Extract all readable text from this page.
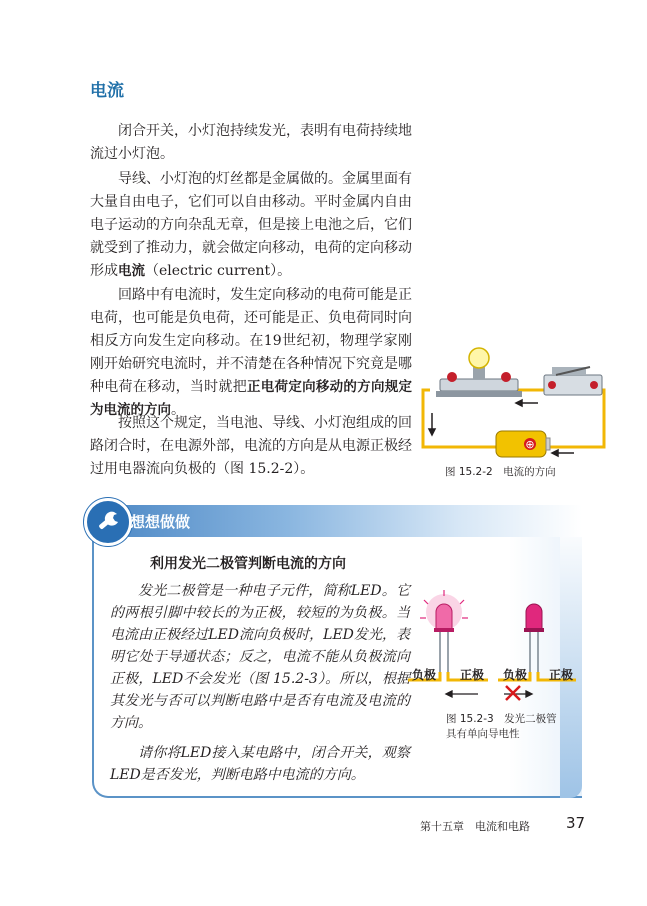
电流

闭合开关，小灯泡持续发光，表明有电荷持续地流过小灯泡。

导线、小灯泡的灯丝都是金属做的。金属里面有大量自由电子，它们可以自由移动。平时金属内自由电子运动的方向杂乱无章，但是接上电池之后，它们就受到了推动力，就会做定向移动，电荷的定向移动形成电流（electric current）。

回路中有电流时，发生定向移动的电荷可能是正电荷，也可能是负电荷，还可能是正、负电荷同时向相反方向发生定向移动。在19世纪初，物理学家刚刚开始研究电流时，并不清楚在各种情况下究竟是哪种电荷在移动，当时就把正电荷定向移动的方向规定为电流的方向。

按照这个规定，当电池、导线、小灯泡组成的回路闭合时，在电源外部，电流的方向是从电源正极经过用电器流向负极的（图 15.2-2）。

⊕
图 15.2-2　电流的方向
想想做做
利用发光二极管判断电流的方向

发光二极管是一种电子元件，简称LED。它的两根引脚中较长的为正极，较短的为负极。当电流由正极经过LED流向负极时，LED发光，表明它处于导通状态；反之，电流不能从负极流向正极，LED不会发光（图 15.2-3）。所以，根据其发光与否可以判断电路中是否有电流及电流的方向。

请你将LED接入某电路中，闭合开关，观察LED是否发光，判断电路中电流的方向。

负极 正极 负极 正极
图 15.2-3　发光二极管
具有单向导电性
第十五章　电流和电路 37
